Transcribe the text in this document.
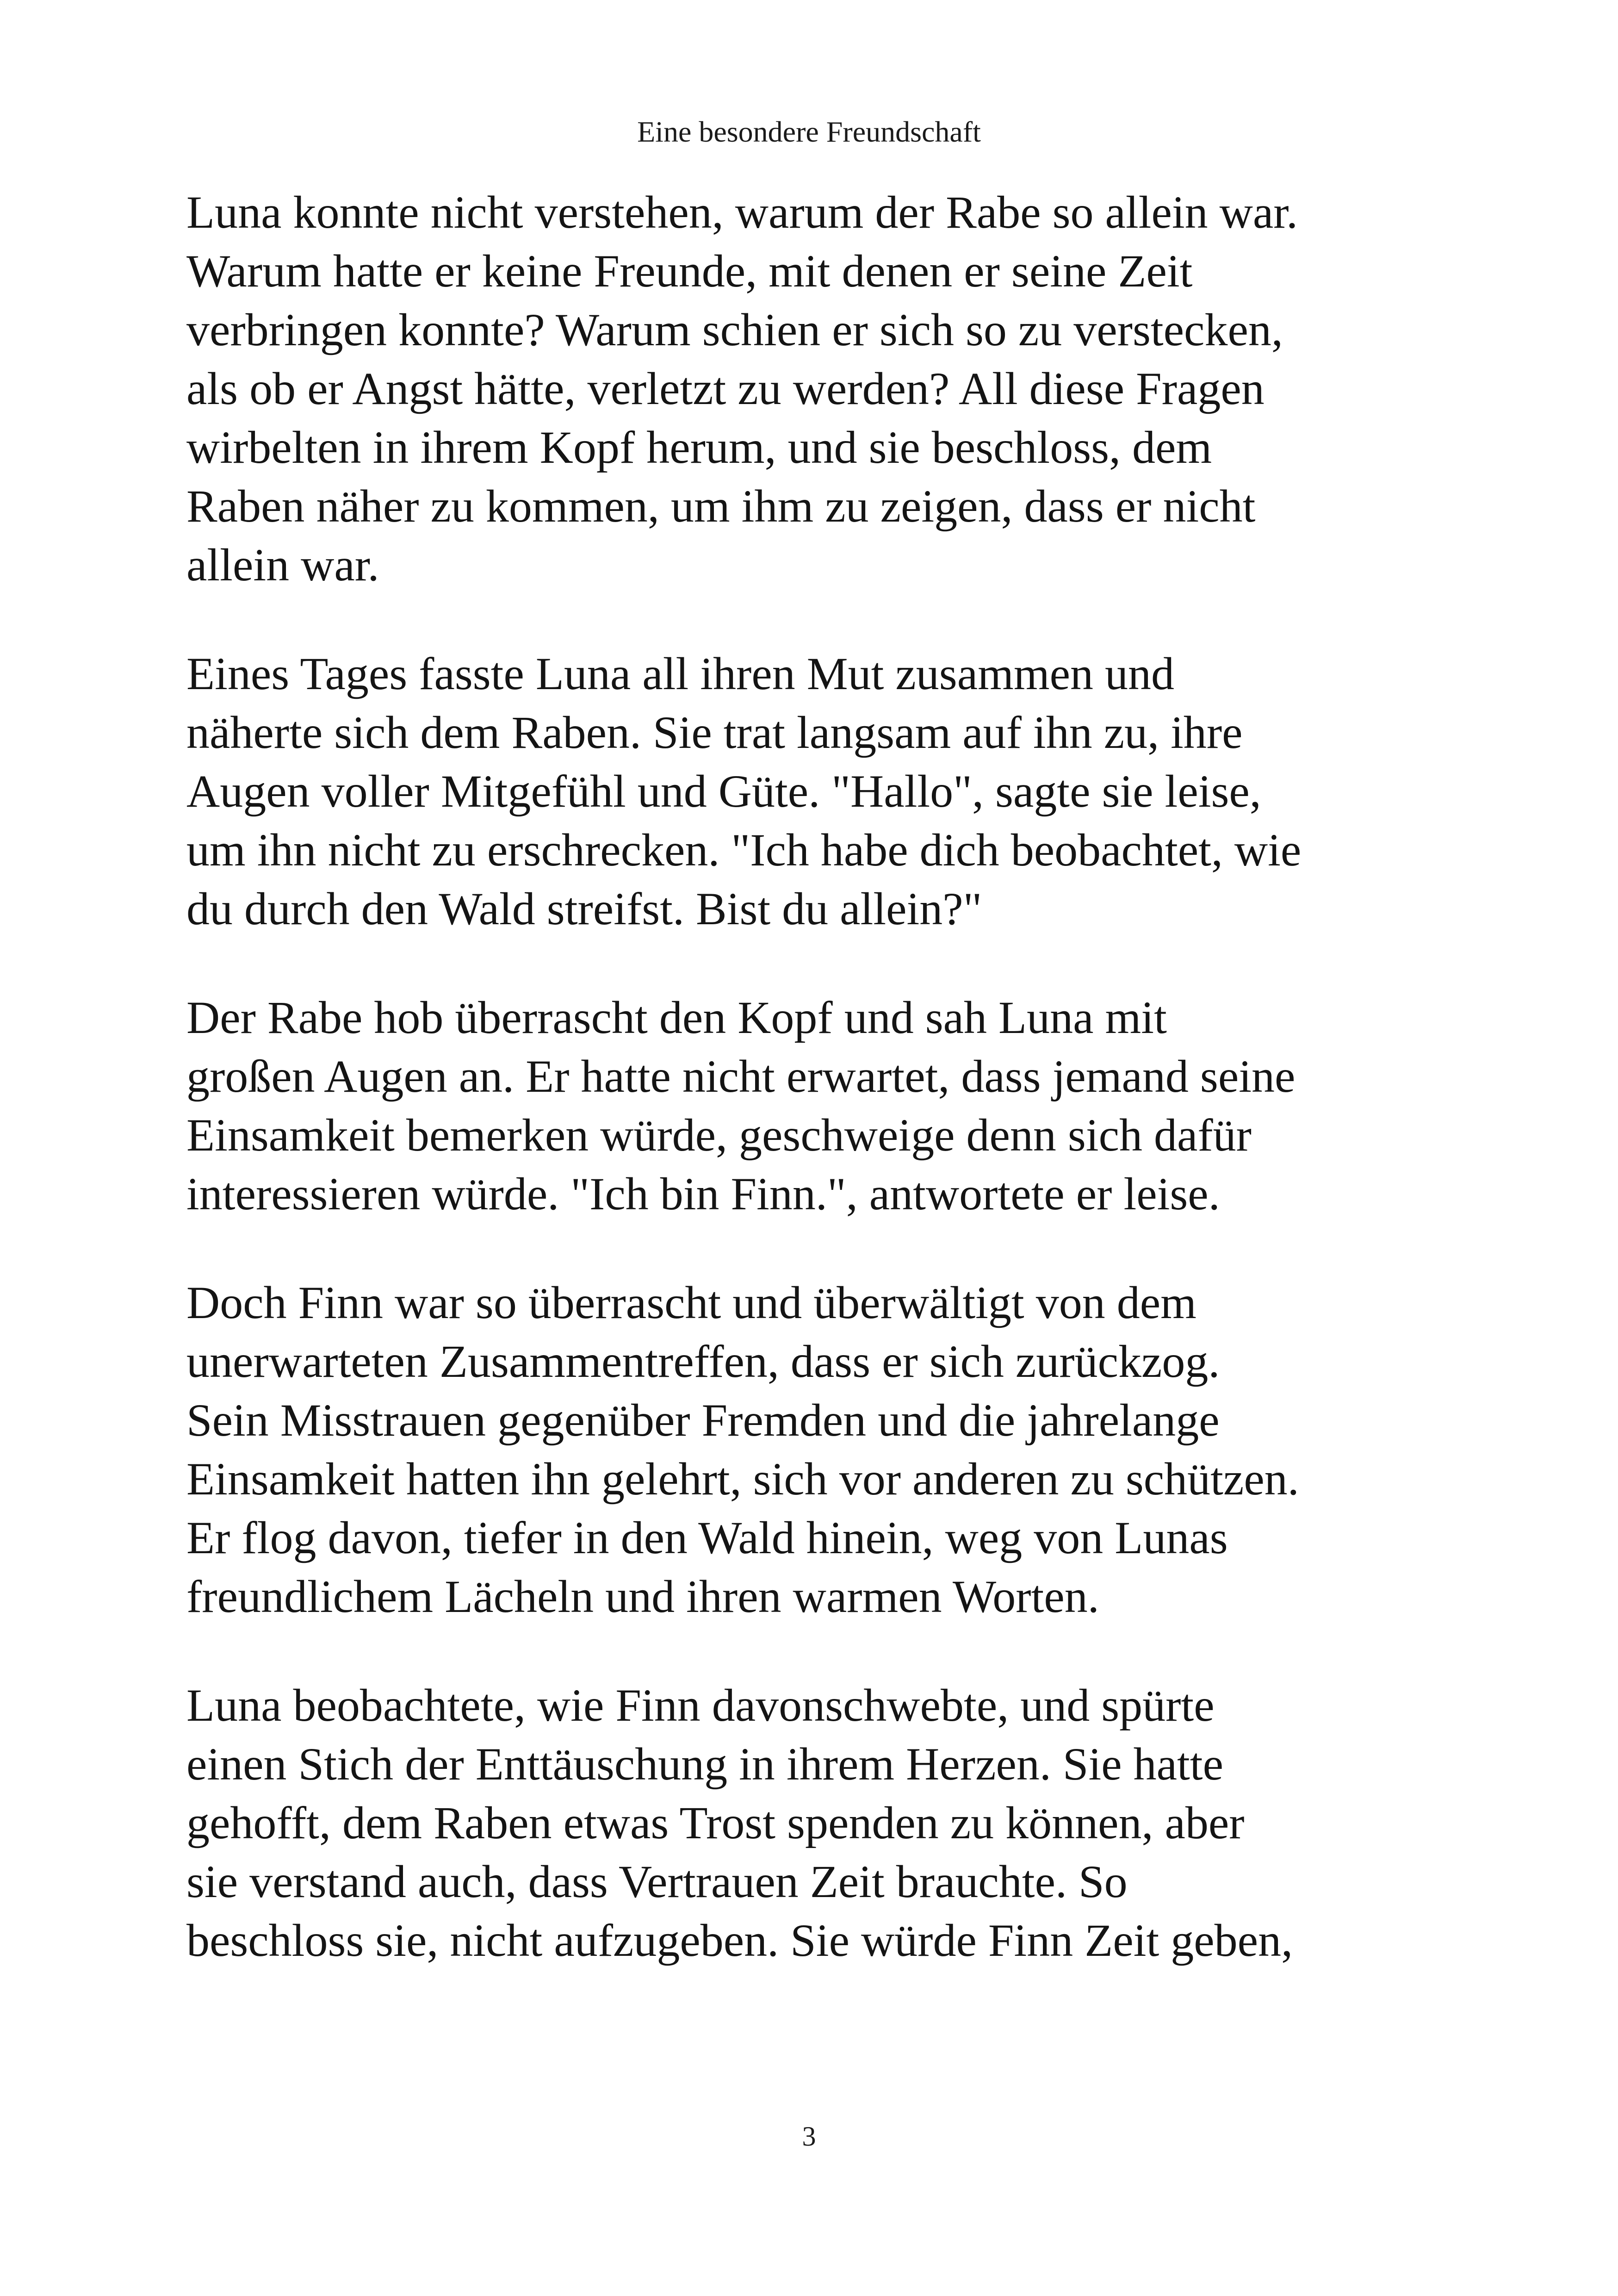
Eine besondere Freundschaft
Luna konnte nicht verstehen, warum der Rabe so allein war.
Warum hatte er keine Freunde, mit denen er seine Zeit
verbringen konnte? Warum schien er sich so zu verstecken,
als ob er Angst hätte, verletzt zu werden? All diese Fragen
wirbelten in ihrem Kopf herum, und sie beschloss, dem
Raben näher zu kommen, um ihm zu zeigen, dass er nicht
allein war.
Eines Tages fasste Luna all ihren Mut zusammen und
näherte sich dem Raben. Sie trat langsam auf ihn zu, ihre
Augen voller Mitgefühl und Güte. "Hallo", sagte sie leise,
um ihn nicht zu erschrecken. "Ich habe dich beobachtet, wie
du durch den Wald streifst. Bist du allein?"
Der Rabe hob überrascht den Kopf und sah Luna mit
großen Augen an. Er hatte nicht erwartet, dass jemand seine
Einsamkeit bemerken würde, geschweige denn sich dafür
interessieren würde. "Ich bin Finn.", antwortete er leise.
Doch Finn war so überrascht und überwältigt von dem
unerwarteten Zusammentreffen, dass er sich zurückzog.
Sein Misstrauen gegenüber Fremden und die jahrelange
Einsamkeit hatten ihn gelehrt, sich vor anderen zu schützen.
Er flog davon, tiefer in den Wald hinein, weg von Lunas
freundlichem Lächeln und ihren warmen Worten.
Luna beobachtete, wie Finn davonschwebte, und spürte
einen Stich der Enttäuschung in ihrem Herzen. Sie hatte
gehofft, dem Raben etwas Trost spenden zu können, aber
sie verstand auch, dass Vertrauen Zeit brauchte. So
beschloss sie, nicht aufzugeben. Sie würde Finn Zeit geben,
3
